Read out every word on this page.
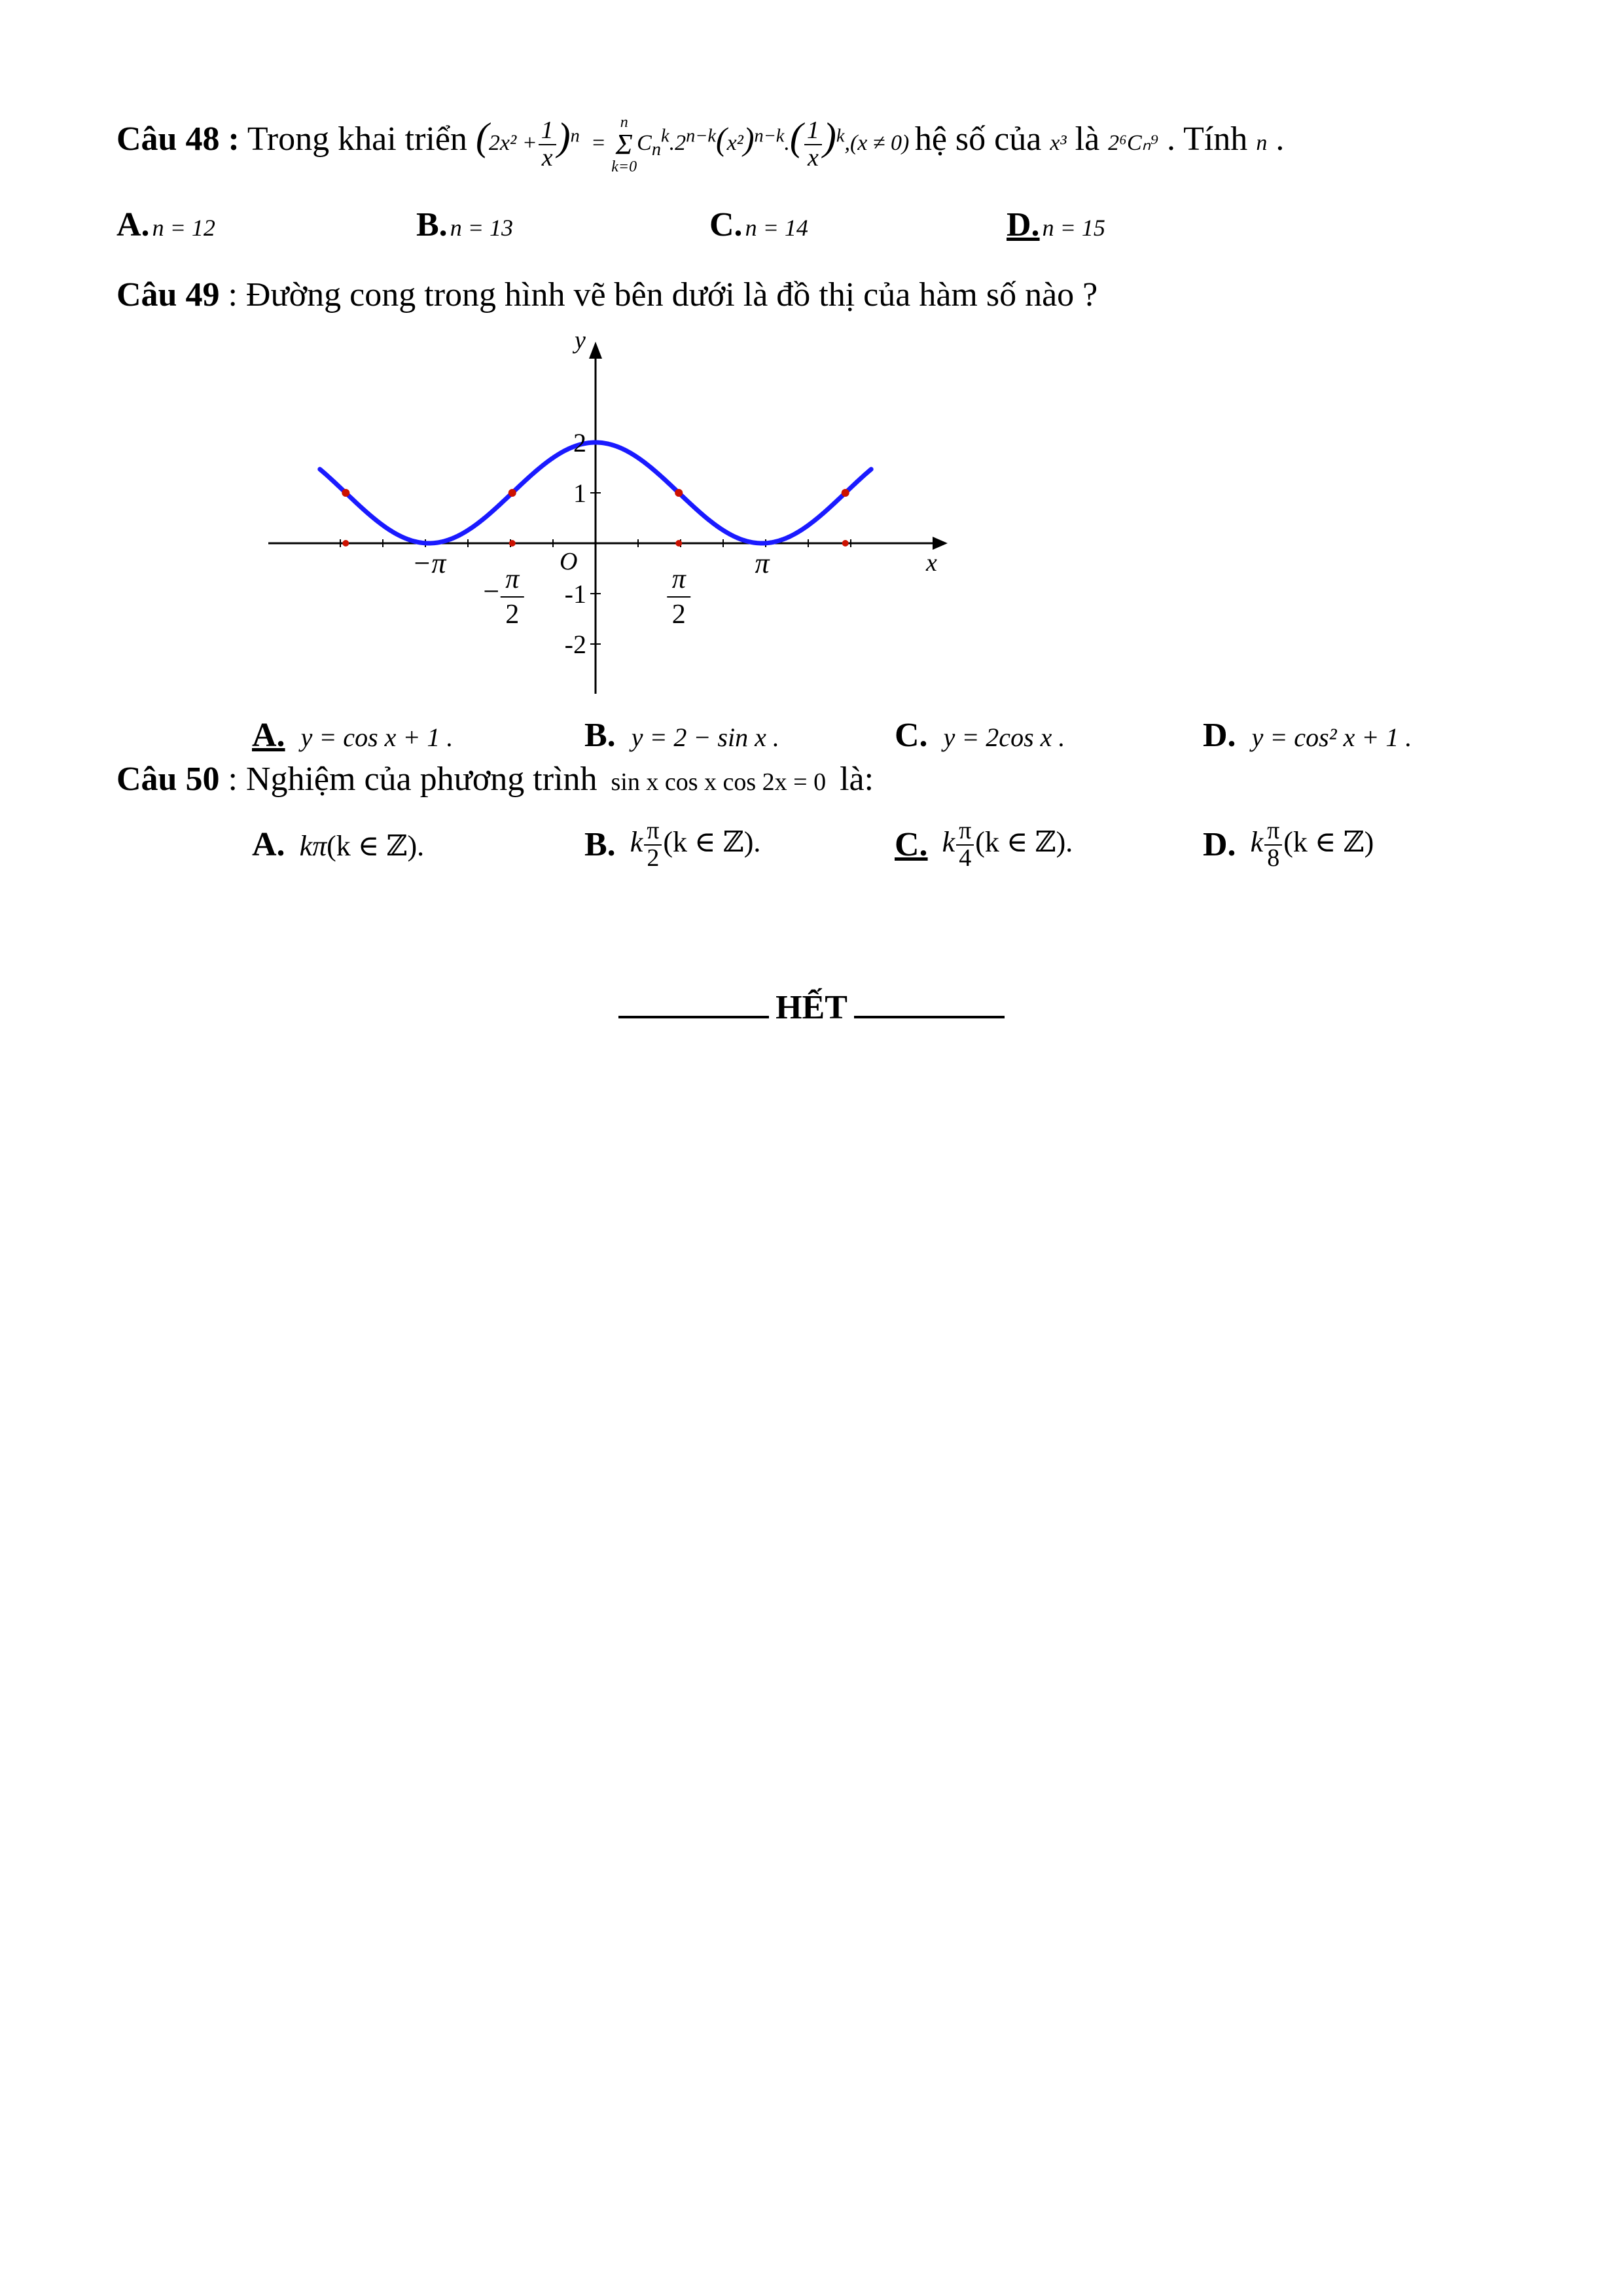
Câu 48 : Trong khai triển $(2x^2 + \frac{1}{x} )^n$  =
n
Σ
k=0
$C_n^k.2^{n-k}(x^2)^{n-k}.( \frac{1}{x} )^k,(x \ne 0)$ hệ số của x³ là 2⁶Cₙ⁹ . Tính n .
A. n = 12	B. n = 13	C. n = 14	D. n = 15
Câu 49 : Đường cong trong hình vẽ bên dưới là đồ thị của hàm số nào ?
x
y
O
−π
− π
2
π
2
π
2
1
-1
-2
A. y = cos x + 1 .	B. y = 2 − sin x .	C. y = 2cos x .	D. y = cos² x + 1 .
Câu 50 : Nghiệm của phương trình sin x cos x cos 2x = 0 là:
A. kπ(k ∈ ℤ).	B. k $\frac{\pi}{2} (k$ ∈ ℤ).	C. k $\frac{\pi}{4} (k$ ∈ ℤ).	D. k $\frac{\pi}{8} (k$ ∈ ℤ)
HẾT
